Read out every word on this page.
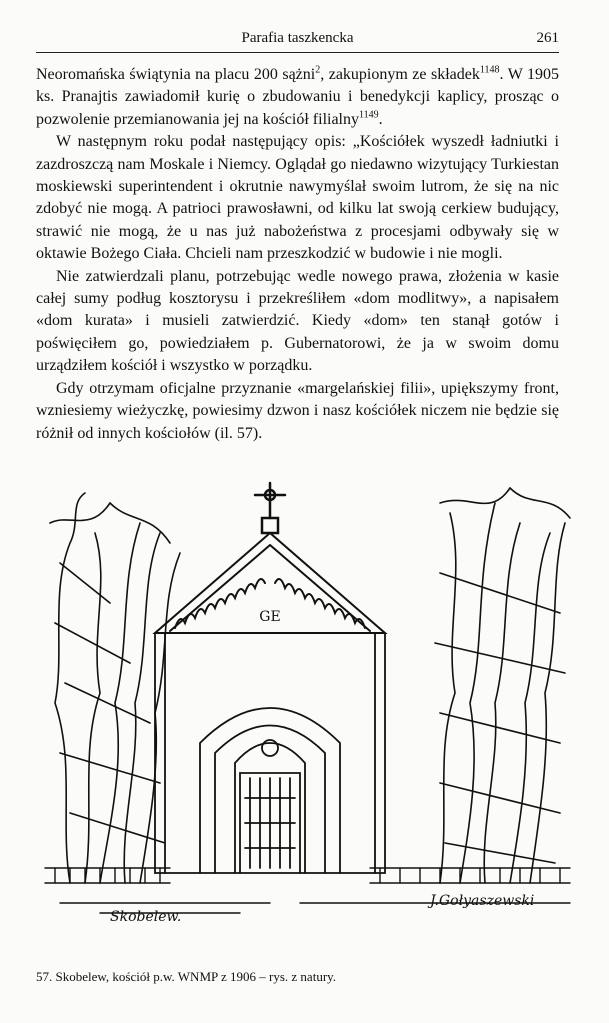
Parafia taszkencka	261

Neoromańska świątynia na placu 200 sążni$^2$, zakupionym ze składek$^{1148}$. W 1905 ks. Pranajtis zawiadomił kurię o zbudowaniu i benedykcji kaplicy, prosząc o pozwolenie przemianowania jej na kościół filialny$^{1149}$.

W następnym roku podał następujący opis: „Kościółek wyszedł ładniutki i zazdroszczą nam Moskale i Niemcy. Oglądał go niedawno wizytujący Turkiestan moskiewski superintendent i okrutnie nawymyślał swoim lutrom, że się na nic zdobyć nie mogą. A patrioci prawosławni, od kilku lat swoją cerkiew budujący, strawić nie mogą, że u nas już nabożeństwa z procesjami odbywały się w oktawie Bożego Ciała. Chcieli nam przeszkodzić w budowie i nie mogli.

Nie zatwierdzali planu, potrzebując wedle nowego prawa, złożenia w kasie całej sumy podług kosztorysu i przekreśliłem «dom modlitwy», a napisałem «dom kurata» i musieli zatwierdzić. Kiedy «dom» ten stanął gotów i poświęciłem go, powiedziałem p. Gubernatorowi, że ja w swoim domu urządziłem kościół i wszystko w porządku.

Gdy otrzymam oficjalne przyznanie «margelańskiej filii», upiększymy front, wzniesiemy wieżyczkę, powiesimy dzwon i nasz kościółek niczem nie będzie się różnił od innych kościołów (il. 57).

GE
Skobelew.
J.Gołyaszewski
57. Skobelew, kościół p.w. WNMP z 1906 – rys. z natury.
